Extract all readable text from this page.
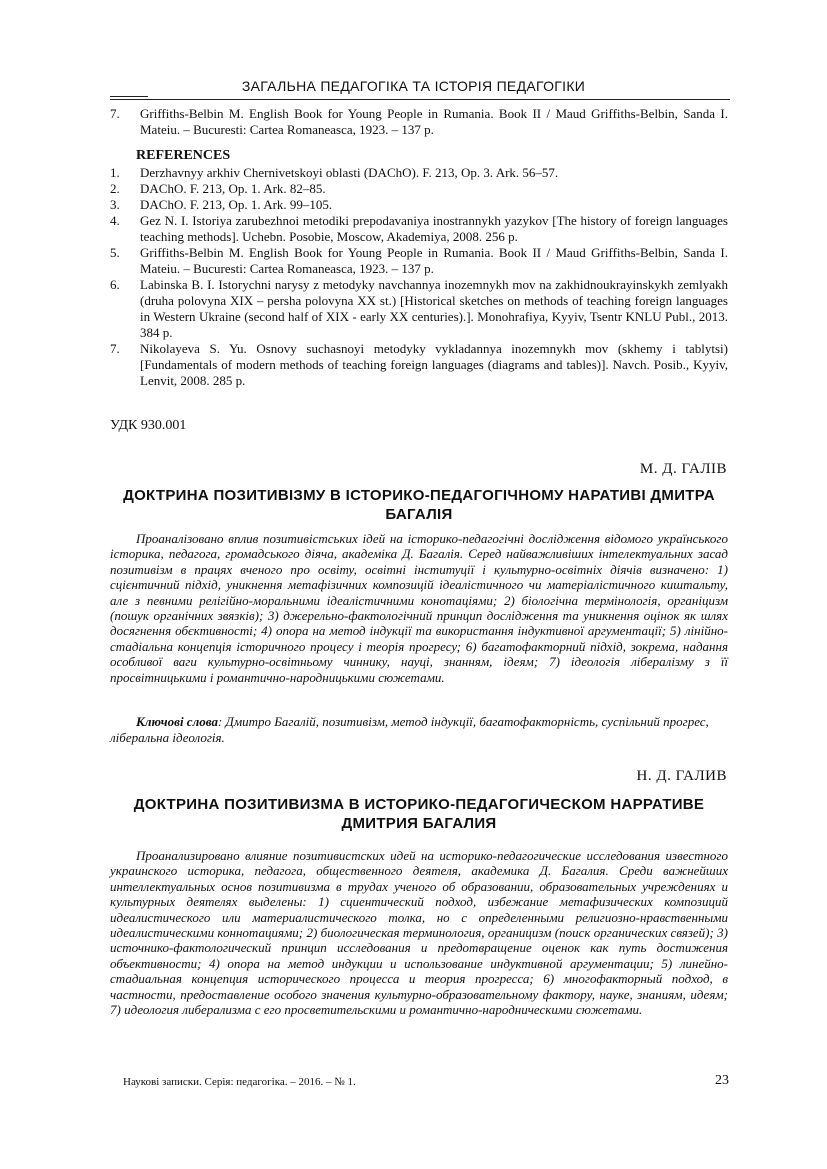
ЗАГАЛЬНА ПЕДАГОГІКА ТА ІСТОРІЯ ПЕДАГОГІКИ
7.	Griffiths-Belbin M. English Book for Young People in Rumania. Book II / Maud Griffiths-Belbin, Sanda I. Mateiu. – Bucuresti: Cartea Romaneasca, 1923. – 137 p.
REFERENCES
1.	Derzhavnyy arkhiv Chernivetskoyi oblasti (DAChO). F. 213, Op. 3. Ark. 56–57.
2.	DAChO. F. 213, Op. 1. Ark. 82–85.
3.	DAChO. F. 213, Op. 1. Ark. 99–105.
4.	Gez N. I. Istoriya zarubezhnoi metodiki prepodavaniya inostrannykh yazykov [The history of foreign languages teaching methods]. Uchebn. Posobie, Moscow, Akademiya, 2008. 256 p.
5.	Griffiths-Belbin M. English Book for Young People in Rumania. Book II / Maud Griffiths-Belbin, Sanda I. Mateiu. – Bucuresti: Cartea Romaneasca, 1923. – 137 p.
6.	Labinska B. I. Istorychni narysy z metodyky navchannya inozemnykh mov na zakhidnoukrayinskykh zemlyakh (druha polovyna XIX – persha polovyna XX st.) [Historical sketches on methods of teaching foreign languages in Western Ukraine (second half of XIX - early XX centuries).]. Monohrafiya, Kyyiv, Tsentr KNLU Publ., 2013. 384 p.
7.	Nikolayeva S. Yu. Osnovy suchasnoyi metodyky vykladannya inozemnykh mov (skhemy i tablytsi) [Fundamentals of modern methods of teaching foreign languages (diagrams and tables)]. Navch. Posib., Kyyiv, Lenvit, 2008. 285 p.
УДК 930.001
М. Д. ГАЛІВ
ДОКТРИНА ПОЗИТИВІЗМУ В ІСТОРИКО-ПЕДАГОГІЧНОМУ НАРАТИВІ ДМИТРА БАГАЛІЯ
Проаналізовано вплив позитивістських ідей на історико-педагогічні дослідження відомого українського історика, педагога, громадського діяча, академіка Д. Багалія. Серед найважливіших інтелектуальних засад позитивізм в працях вченого про освіту, освітні інституції і культурно-освітніх діячів визначено: 1) сцієнтичний підхід, уникнення метафізичних композицій ідеалістичного чи матеріалістичного киштальту, але з певними релігійно-моральними ідеалістичними конотаціями; 2) біологічна термінологія, органіцизм (пошук органічних звязків); 3) джерельно-фактологічний принцип дослідження та уникнення оцінок як шлях досягнення обєктивності; 4) опора на метод індукції та використання індуктивної аргументації; 5) лінійно-стадіальна концепція історичного процесу і теорія прогресу; 6) багатофакторний підхід, зокрема, надання особливої ваги культурно-освітньому чиннику, науці, знанням, ідеям; 7) ідеологія лібералізму з її просвітницькими і романтично-народницькими сюжетами.
Ключові слова: Дмитро Багалій, позитивізм, метод індукції, багатофакторність, суспільний прогрес, ліберальна ідеологія.
Н. Д. ГАЛИВ
ДОКТРИНА ПОЗИТИВИЗМА В ИСТОРИКО-ПЕДАГОГИЧЕСКОМ НАРРАТИВЕ ДМИТРИЯ БАГАЛИЯ
Проанализировано влияние позитивистских идей на историко-педагогические исследования известного украинского историка, педагога, общественного деятеля, академика Д. Багалия. Среди важнейших интеллектуальных основ позитивизма в трудах ученого об образовании, образовательных учреждениях и культурных деятелях выделены: 1) сциентический подход, избежание метафизических композиций идеалистического или материалистического толка, но с определенными религиозно-нравственными идеалистическими коннотациями; 2) биологическая терминология, органицизм (поиск органических связей); 3) источнико-фактологический принцип исследования и предотвращение оценок как путь достижения объективности; 4) опора на метод индукции и использование индуктивной аргументации; 5) линейно-стадиальная концепция исторического процесса и теория прогресса; 6) многофакторный подход, в частности, предоставление особого значения культурно-образовательному фактору, науке, знаниям, идеям; 7) идеология либерализма с его просветительскими и романтично-народническими сюжетами.
Наукові записки. Серія: педагогіка. – 2016. – № 1.	23
